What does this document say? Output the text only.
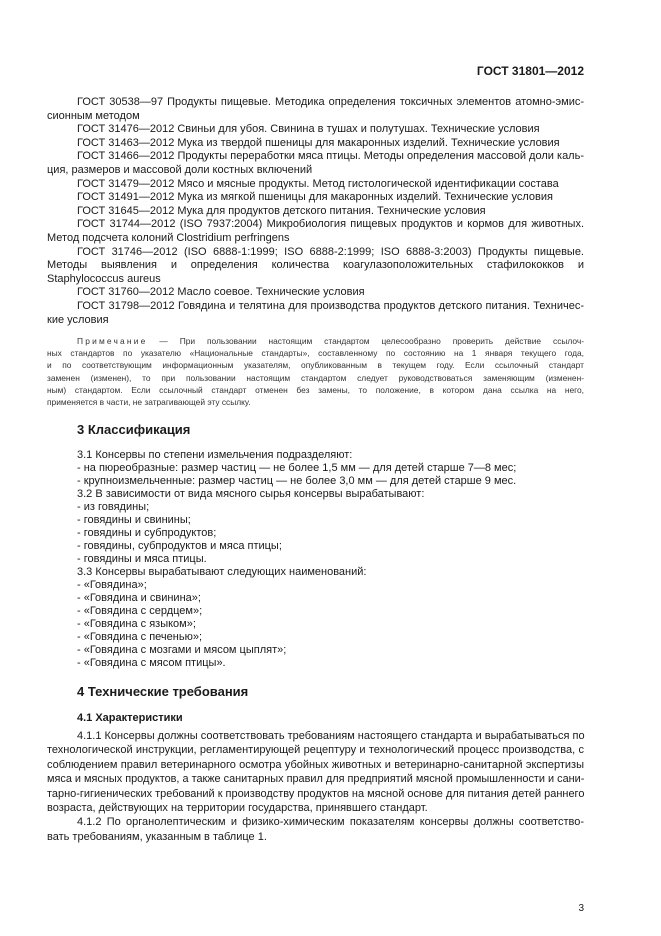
ГОСТ 31801—2012
ГОСТ 30538—97 Продукты пищевые. Методика определения токсичных элементов атомно-эмис-
сионным методом
ГОСТ 31476—2012 Свиньи для убоя. Свинина в тушах и полутушах. Технические условия
ГОСТ 31463—2012 Мука из твердой пшеницы для макаронных изделий. Технические условия
ГОСТ 31466—2012 Продукты переработки мяса птицы. Методы определения массовой доли каль-
ция, размеров и массовой доли костных включений
ГОСТ 31479—2012 Мясо и мясные продукты. Метод гистологической идентификации состава
ГОСТ 31491—2012 Мука из мягкой пшеницы для макаронных изделий. Технические условия
ГОСТ 31645—2012 Мука для продуктов детского питания. Технические условия
ГОСТ 31744—2012 (ISO 7937:2004) Микробиология пищевых продуктов и кормов для животных.
Метод подсчета колоний Clostridium perfringens
ГОСТ 31746—2012 (ISO 6888-1:1999; ISO 6888-2:1999; ISO 6888-3:2003) Продукты пищевые.
Методы выявления и определения количества коагулазоположительных стафилококков и
Staphylococcus aureus
ГОСТ 31760—2012 Масло соевое. Технические условия
ГОСТ 31798—2012 Говядина и телятина для производства продуктов детского питания. Техничес-
кие условия
Примечание — При пользовании настоящим стандартом целесообразно проверить действие ссылоч-
ных стандартов по указателю «Национальные стандарты», составленному по состоянию на 1 января текущего года,
и по соответствующим информационным указателям, опубликованным в текущем году. Если ссылочный стандарт
заменен (изменен), то при пользовании настоящим стандартом следует руководствоваться заменяющим (изменен-
ным) стандартом. Если ссылочный стандарт отменен без замены, то положение, в котором дана ссылка на него,
применяется в части, не затрагивающей эту ссылку.
3 Классификация
3.1 Консервы по степени измельчения подразделяют:
- на пюреобразные: размер частиц — не более 1,5 мм — для детей старше 7—8 мес;
- крупноизмельченные: размер частиц — не более 3,0 мм — для детей старше 9 мес.
3.2 В зависимости от вида мясного сырья консервы вырабатывают:
- из говядины;
- говядины и свинины;
- говядины и субпродуктов;
- говядины, субпродуктов и мяса птицы;
- говядины и мяса птицы.
3.3 Консервы вырабатывают следующих наименований:
- «Говядина»;
- «Говядина и свинина»;
- «Говядина с сердцем»;
- «Говядина с языком»;
- «Говядина с печенью»;
- «Говядина с мозгами и мясом цыплят»;
- «Говядина с мясом птицы».
4 Технические требования
4.1 Характеристики
4.1.1 Консервы должны соответствовать требованиям настоящего стандарта и вырабатываться по
технологической инструкции, регламентирующей рецептуру и технологический процесс производства, с
соблюдением правил ветеринарного осмотра убойных животных и ветеринарно-санитарной экспертизы
мяса и мясных продуктов, а также санитарных правил для предприятий мясной промышленности и сани-
тарно-гигиенических требований к производству продуктов на мясной основе для питания детей раннего
возраста, действующих на территории государства, принявшего стандарт.
4.1.2 По органолептическим и физико-химическим показателям консервы должны соответство-
вать требованиям, указанным в таблице 1.
3
